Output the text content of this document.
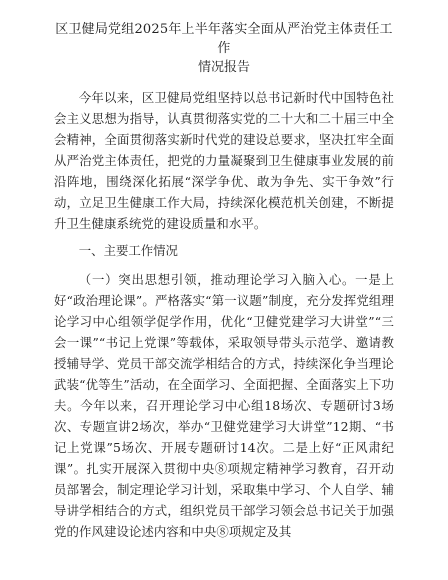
区卫健局党组2025年上半年落实全面从严治党主体责任工作

情况报告

今年以来，区卫健局党组坚持以总书记新时代中国特色社会主义思想为指导，认真贯彻落实党的二十大和二十届三中全会精神，全面贯彻落实新时代党的建设总要求，坚决扛牢全面从严治党主体责任，把党的力量凝聚到卫生健康事业发展的前沿阵地，围绕深化拓展“深学争优、敢为争先、实干争效”行动，立足卫生健康工作大局，持续深化模范机关创建，不断提升卫生健康系统党的建设质量和水平。

一、主要工作情况

（一）突出思想引领，推动理论学习入脑入心。一是上好“政治理论课”。严格落实“第一议题”制度，充分发挥党组理论学习中心组领学促学作用，优化“卫健党建学习大讲堂”“三会一课”“书记上党课”等载体，采取领导带头示范学、邀请教授辅导学、党员干部交流学相结合的方式，持续深化争当理论武装“优等生”活动，在全面学习、全面把握、全面落实上下功夫。今年以来，召开理论学习中心组18场次、专题研讨3场次、专题宣讲2场次，举办“卫健党建学习大讲堂”12期、“书记上党课”5场次、开展专题研讨14次。二是上好“正风肃纪课”。扎实开展深入贯彻中央⑧项规定精神学习教育，召开动员部署会，制定理论学习计划，采取集中学习、个人自学、辅导讲学相结合的方式，组织党员干部学习领会总书记关于加强党的作风建设论述内容和中央⑧项规定及其
